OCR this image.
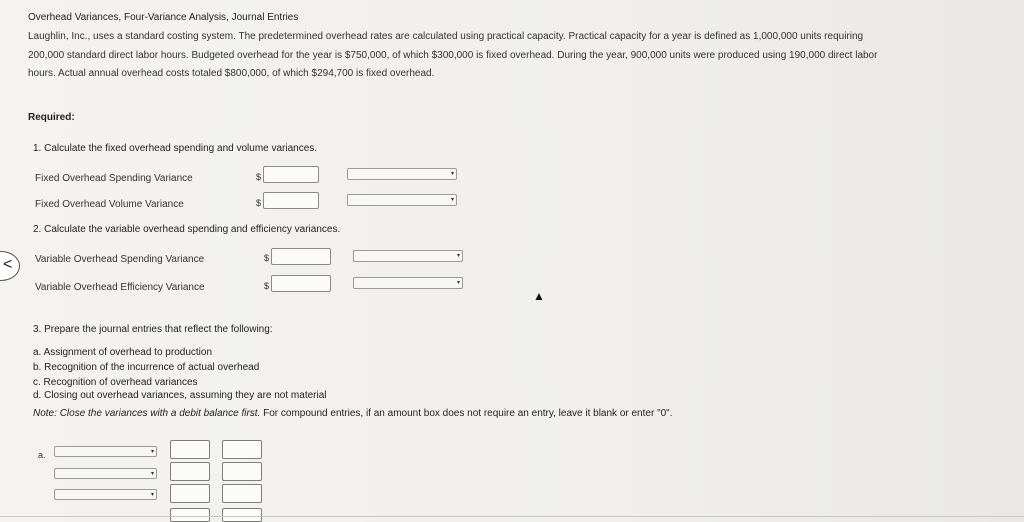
Overhead Variances, Four-Variance Analysis, Journal Entries
Laughlin, Inc., uses a standard costing system. The predetermined overhead rates are calculated using practical capacity. Practical capacity for a year is defined as 1,000,000 units requiring
200,000 standard direct labor hours. Budgeted overhead for the year is $750,000, of which $300,000 is fixed overhead. During the year, 900,000 units were produced using 190,000 direct labor
hours. Actual annual overhead costs totaled $800,000, of which $294,700 is fixed overhead.
Required:
1. Calculate the fixed overhead spending and volume variances.
Fixed Overhead Spending Variance	$	▾
Fixed Overhead Volume Variance	$	▾
2. Calculate the variable overhead spending and efficiency variances.
Variable Overhead Spending Variance	$	▾
Variable Overhead Efficiency Variance	$	▾
3. Prepare the journal entries that reflect the following:
a. Assignment of overhead to production
b. Recognition of the incurrence of actual overhead
c. Recognition of overhead variances
d. Closing out overhead variances, assuming they are not material
Note: Close the variances with a debit balance first. For compound entries, if an amount box does not require an entry, leave it blank or enter "0".
a.	▾
▾
▾
<
▲
